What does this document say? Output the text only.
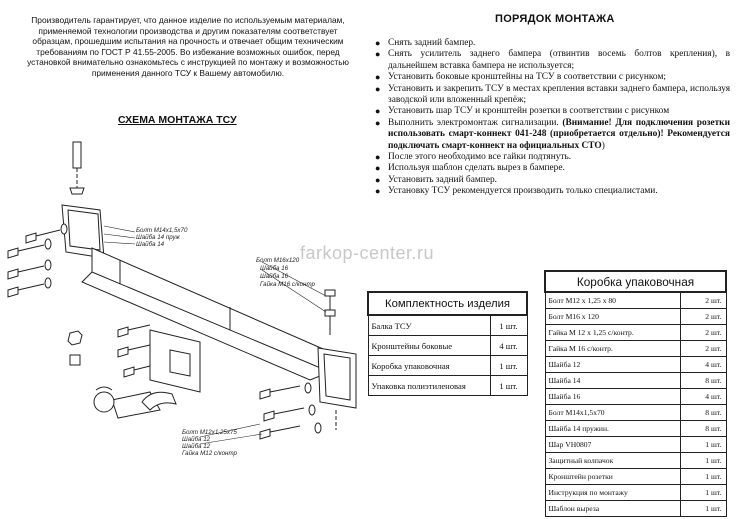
Производитель гарантирует, что данное изделие по используемым материалам, применяемой технологии производства и другим показателям соответствует образцам, прошедшим испытания на прочность и отвечает общим техническим требованиям по ГОСТ Р 41.55-2005. Во избежание возможных ошибок, перед установкой внимательно ознакомьтесь с инструкцией по монтажу и возможностью применения данного ТСУ к Вашему автомобилю.
СХЕМА МОНТАЖА ТСУ
Болт М14х1,5х70
Шайба 14 пруж
Шайба 14
Болт М16х120
Шайба 16
Шайба 16
Гайка М16 с/контр
Болт М12х1,25х75
Шайба 12
Шайба 12
Гайка М12 с/контр
ПОРЯДОК МОНТАЖА
● Снять задний бампер.
● Снять усилитель заднего бампера (отвинтив восемь болтов крепления), в дальнейшем вставка бампера не используется;
● Установить боковые кронштейны на ТСУ в соответствии с рисунком;
● Установить и закрепить ТСУ в местах крепления вставки заднего бампера, используя заводской или вложенный крепёж;
● Установить шар ТСУ и кронштейн розетки в соответствии с рисунком
● Выполнить электромонтаж сигнализации. (Внимание! Для подключения розетки использовать смарт-коннект 041-248 (приобретается отдельно)! Рекомендуется подключать смарт-коннект на официальных СТО)
● После этого необходимо все гайки подтянуть.
● Используя шаблон сделать вырез в бампере.
● Установить задний бампер.
● Установку ТСУ рекомендуется производить только специалистами.
farkop-center.ru
Комплектность изделия	
Балка ТСУ	1 шт.
Кронштейны боковые	4 шт.
Коробка упаковочная	1 шт.
Упаковка полиэтиленовая	1 шт.
Коробка упаковочная	
Болт М12 х 1,25 х 80	2 шт.
Болт М16 х 120	2 шт.
Гайка М 12 х 1,25 с/контр.	2 шт.
Гайка М 16 с/контр.	2 шт.
Шайба 12	4 шт.
Шайба 14	8 шт.
Шайба 16	4 шт.
Болт М14х1,5х70	8 шт.
Шайба 14 пружин.	8 шт.
Шар VH0807	1 шт.
Защитный колпачок	1 шт.
Кронштейн розетки	1 шт.
Инструкция по монтажу	1 шт.
Шаблон выреза	1 шт.
